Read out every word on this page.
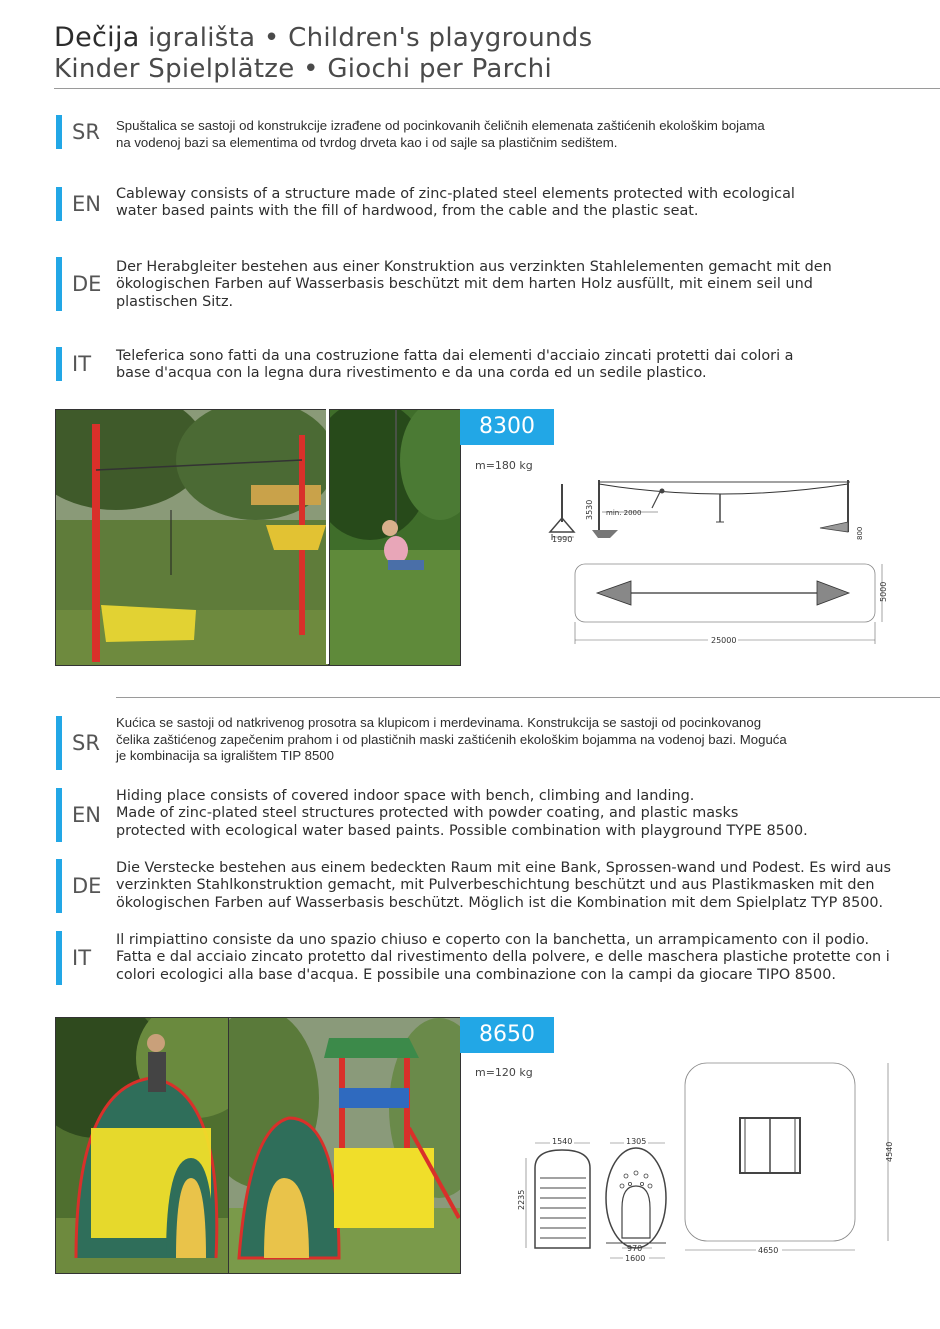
Dečija igrališta • Children's playgrounds
Kinder Spielplätze • Giochi per Parchi
SR Spuštalica se sastoji od konstrukcije izrađene od pocinkovanih čeličnih elemenata zaštićenih ekološkim bojama
na vodenoj bazi sa elementima od tvrdog drveta kao i od sajle sa plastičnim sedištem.
EN Cableway consists of a structure made of zinc-plated steel elements protected with ecological
water based paints with the fill of hardwood, from the cable and the plastic seat.
DE
Der Herabgleiter bestehen aus einer Konstruktion aus verzinkten Stahlelementen gemacht mit den
ökologischen Farben auf Wasserbasis beschützt mit dem harten Holz ausfüllt, mit einem seil und
plastischen Sitz.
IT Teleferica sono fatti da una costruzione fatta dai elementi d'acciaio zincati protetti dai colori a
base d'acqua con la legna dura rivestimento e da una corda ed un sedile plastico.
8300
m=180 kg
1990
3530 min. 2000
800
5000
25000
SR
Kućica se sastoji od natkrivenog prosotra sa klupicom i merdevinama. Konstrukcija se sastoji od pocinkovanog
čelika zaštićenog zapečenim prahom i od plastičnih maski zaštićenih ekološkim bojamma na vodenoj bazi. Moguća
je kombinacija sa igralištem TIP 8500
EN
Hiding place consists of covered indoor space with bench, climbing and landing.
Made of zinc-plated steel structures protected with powder coating, and plastic masks
protected with ecological water based paints. Possible combination with playground TYPE 8500.
DE
Die Verstecke bestehen aus einem bedeckten Raum mit eine Bank, Sprossen-wand und Podest. Es wird aus
verzinkten Stahlkonstruktion gemacht, mit Pulverbeschichtung beschützt und aus Plastikmasken mit den
ökologischen Farben auf Wasserbasis beschützt. Möglich ist die Kombination mit dem Spielplatz TYP 8500.
IT
Il rimpiattino consiste da uno spazio chiuso e coperto con la banchetta, un arrampicamento con il podio.
Fatta e dal acciaio zincato protetto dal rivestimento della polvere, e delle maschera plastiche protette con i
colori ecologici alla base d'acqua. E possibile una combinazione con la campi da giocare TIPO 8500.
8650
m=120 kg
1540
2235
1305
970
1600
4540
4650
